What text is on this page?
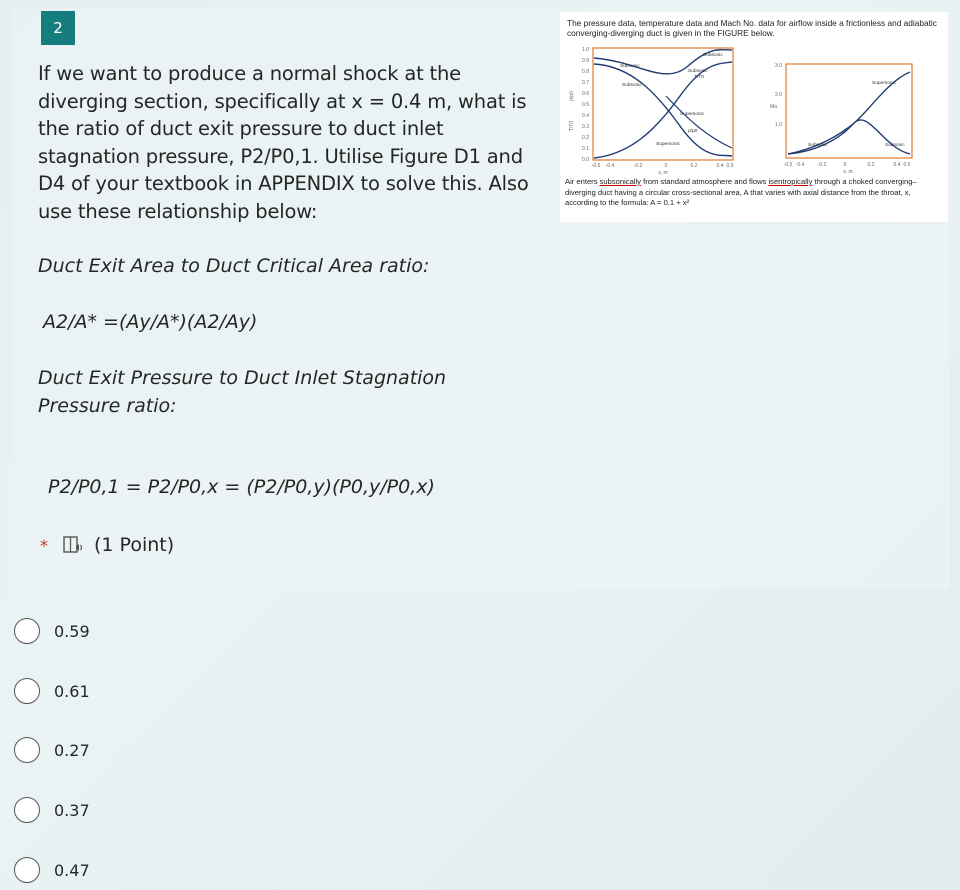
2
If we want to produce a normal shock at the diverging section, specifically at x = 0.4 m, what is the ratio of duct exit pressure to duct inlet stagnation pressure, P2/P0,1. Utilise Figure D1 and D4 of your textbook in APPENDIX to solve this. Also use these relationship below:
Duct Exit Area to Duct Critical Area ratio:
A2/A* =(Ay/A*)(A2/Ay)
Duct Exit Pressure to Duct Inlet Stagnation Pressure ratio:
P2/P0,1 = P2/P0,x = (P2/P0,y)(P0,y/P0,x)
* (1 Point)
The pressure data, temperature data and Mach No. data for airflow inside a frictionless and adiabatic converging-diverging duct is given in the FIGURE below.
1.0
0.9
0.8
0.7
0.6
0.5
0.4
0.3
0.2
0.1
0.0
-0.5 -0.4	-0.2	0	0.2	0.4 0.5
x, m
p/p0
T/T0
Subsonic
Subsonic
Subsonic
Subsonic
Supersonic
Supersonic
T/T0
p/p0
3.0
2.0
1.0
Ma
-0.5 -0.4	-0.2	0	0.2	0.4 0.5
x, m
Supersonic
Subsonic	Subsonic
Air enters subsonically from standard atmosphere and flows isentropically through a choked converging–diverging duct having a circular cross-sectional area, A that varies with axial distance from the throat, x, according to the formula: A = 0.1 + x²
0.59
0.61
0.27
0.37
0.47
